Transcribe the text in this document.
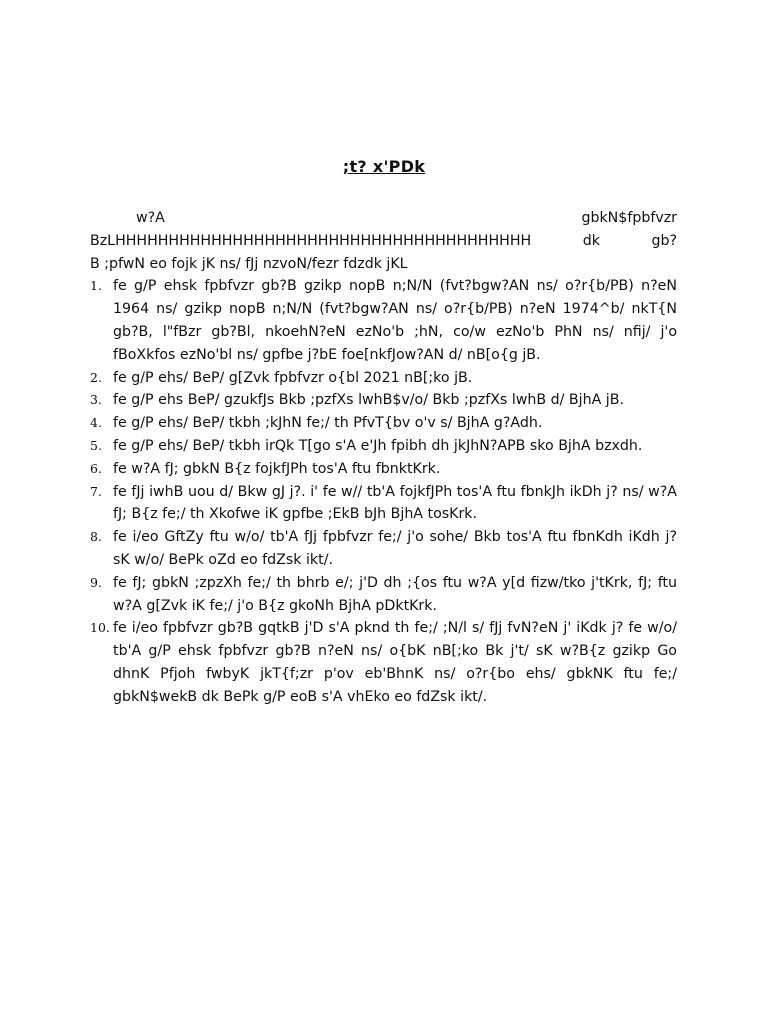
;t? x'PDk
w?A	gbkN$fpbfvzr
BzLHHHHHHHHHHHHHHHHHHHHHHHHHHHHHHHHHHHHHHH	dk	gb?
B ;pfwN eo fojk jK ns/ fJj nzvoN/fezr fdzdk jKL
1. fe g/P ehsk fpbfvzr gb?B gzikp nopB n;N/N (fvt?bgw?AN ns/ o?r{b/PB) n?eN 1964 ns/ gzikp nopB n;N/N (fvt?bgw?AN ns/ o?r{b/PB) n?eN 1974^b/ nkT{N gb?B, l"fBzr gb?Bl, nkoehN?eN ezNo'b ;hN, co/w ezNo'b PhN ns/ nfij/ j'o fBoXkfos ezNo'bl ns/ gpfbe j?bE foe[nkfJow?AN d/ nB[o{g jB.
2. fe g/P ehs/ BeP/ g[Zvk fpbfvzr o{bl 2021 nB[;ko jB.
3. fe g/P ehs BeP/ gzukfJs Bkb ;pzfXs lwhB$v/o/ Bkb ;pzfXs lwhB d/ BjhA jB.
4. fe g/P ehs/ BeP/ tkbh ;kJhN fe;/ th PfvT{bv o'v s/ BjhA g?Adh.
5. fe g/P ehs/ BeP/ tkbh irQk T[go s'A e'Jh fpibh dh jkJhN?APB sko BjhA bzxdh.
6. fe w?A fJ; gbkN B{z fojkfJPh tos'A ftu fbnktKrk.
7. fe fJj iwhB uou d/ Bkw gJ j?. i' fe w// tb'A fojkfJPh tos'A ftu fbnkJh ikDh j? ns/ w?A fJ; B{z fe;/ th Xkofwe iK gpfbe ;EkB bJh BjhA tosKrk.
8. fe i/eo GftZy ftu w/o/ tb'A fJj fpbfvzr fe;/ j'o sohe/ Bkb tos'A ftu fbnKdh iKdh j? sK w/o/ BePk oZd eo fdZsk ikt/.
9. fe fJ; gbkN ;zpzXh fe;/ th bhrb e/; j'D dh ;{os ftu w?A y[d fizw/tko j'tKrk, fJ; ftu w?A g[Zvk iK fe;/ j'o B{z gkoNh BjhA pDktKrk.
10. fe i/eo fpbfvzr gb?B gqtkB j'D s'A pknd th fe;/ ;N/l s/ fJj fvN?eN j' iKdk j? fe w/o/ tb'A g/P ehsk fpbfvzr gb?B n?eN ns/ o{bK nB[;ko Bk j't/ sK w?B{z gzikp Go dhnK Pfjoh fwbyK jkT{f;zr p'ov eb'BhnK ns/ o?r{bo ehs/ gbkNK ftu fe;/ gbkN$wekB dk BePk g/P eoB s'A vhEko eo fdZsk ikt/.
